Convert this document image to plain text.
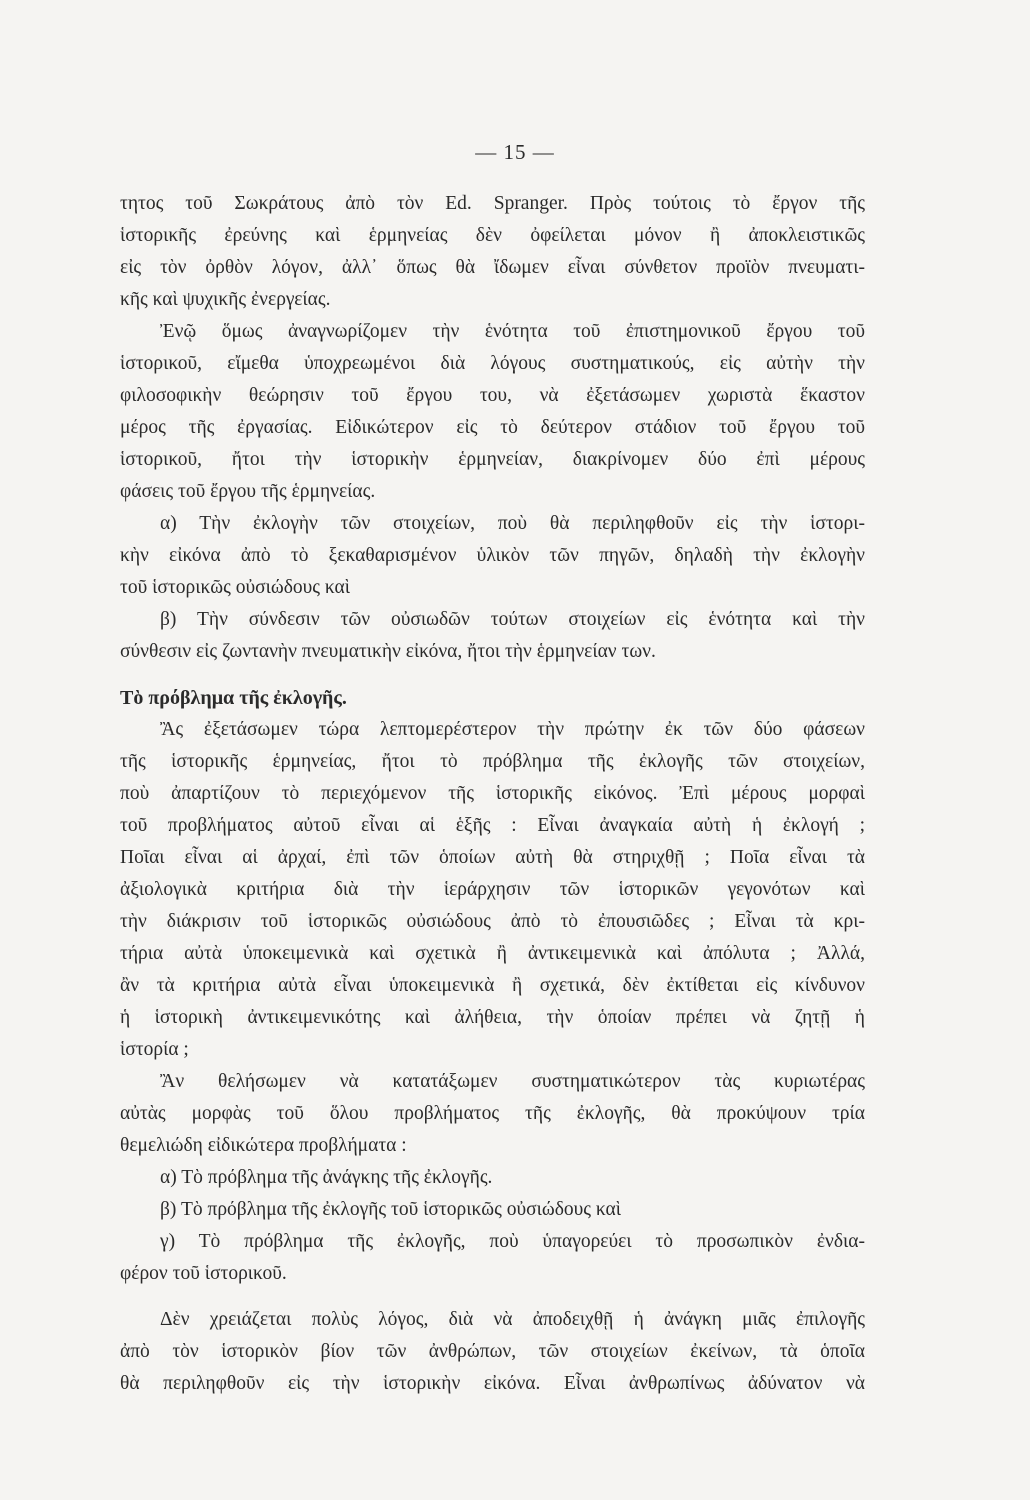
— 15 —
τητος τοῦ Σωκράτους ἀπὸ τὸν Ed. Spranger. Πρὸς τούτοις τὸ ἔργον τῆς
ἱστορικῆς ἐρεύνης καὶ ἑρμηνείας δὲν ὀφείλεται μόνον ἢ ἀποκλειστικῶς
εἰς τὸν ὀρθὸν λόγον, ἀλλ᾽ ὅπως θὰ ἴδωμεν εἶναι σύνθετον προϊὸν πνευματι-
κῆς καὶ ψυχικῆς ἐνεργείας.
Ἐνῷ ὅμως ἀναγνωρίζομεν τὴν ἑνότητα τοῦ ἐπιστημονικοῦ ἔργου τοῦ
ἱστορικοῦ, εἴμεθα ὑποχρεωμένοι διὰ λόγους συστηματικούς, εἰς αὐτὴν τὴν
φιλοσοφικὴν θεώρησιν τοῦ ἔργου του, νὰ ἐξετάσωμεν χωριστὰ ἕκαστον
μέρος τῆς ἐργασίας. Εἰδικώτερον εἰς τὸ δεύτερον στάδιον τοῦ ἔργου τοῦ
ἱστορικοῦ, ἤτοι τὴν ἱστορικὴν ἑρμηνείαν, διακρίνομεν δύο ἐπὶ μέρους
φάσεις τοῦ ἔργου τῆς ἑρμηνείας.
α) Τὴν ἐκλογὴν τῶν στοιχείων, ποὺ θὰ περιληφθοῦν εἰς τὴν ἱστορι-
κὴν εἰκόνα ἀπὸ τὸ ξεκαθαρισμένον ὑλικὸν τῶν πηγῶν, δηλαδὴ τὴν ἐκλογὴν
τοῦ ἱστορικῶς οὐσιώδους καὶ
β) Τὴν σύνδεσιν τῶν οὐσιωδῶν τούτων στοιχείων εἰς ἑνότητα καὶ τὴν
σύνθεσιν εἰς ζωντανὴν πνευματικὴν εἰκόνα, ἤτοι τὴν ἑρμηνείαν των.
Τὸ πρόβλημα τῆς ἐκλογῆς.
Ἂς ἐξετάσωμεν τώρα λεπτομερέστερον τὴν πρώτην ἐκ τῶν δύο φάσεων
τῆς ἱστορικῆς ἑρμηνείας, ἤτοι τὸ πρόβλημα τῆς ἐκλογῆς τῶν στοιχείων,
ποὺ ἀπαρτίζουν τὸ περιεχόμενον τῆς ἱστορικῆς εἰκόνος. Ἐπὶ μέρους μορφαὶ
τοῦ προβλήματος αὐτοῦ εἶναι αἱ ἑξῆς : Εἶναι ἀναγκαία αὐτὴ ἡ ἐκλογή ;
Ποῖαι εἶναι αἱ ἀρχαί, ἐπὶ τῶν ὁποίων αὐτὴ θὰ στηριχθῇ ; Ποῖα εἶναι τὰ
ἀξιολογικὰ κριτήρια διὰ τὴν ἱεράρχησιν τῶν ἱστορικῶν γεγονότων καὶ
τὴν διάκρισιν τοῦ ἱστορικῶς οὐσιώδους ἀπὸ τὸ ἐπουσιῶδες ; Εἶναι τὰ κρι-
τήρια αὐτὰ ὑποκειμενικὰ καὶ σχετικὰ ἢ ἀντικειμενικὰ καὶ ἀπόλυτα ; Ἀλλά,
ἂν τὰ κριτήρια αὐτὰ εἶναι ὑποκειμενικὰ ἢ σχετικά, δὲν ἐκτίθεται εἰς κίνδυνον
ἡ ἱστορικὴ ἀντικειμενικότης καὶ ἀλήθεια, τὴν ὁποίαν πρέπει νὰ ζητῇ ἡ
ἱστορία ;
Ἂν θελήσωμεν νὰ κατατάξωμεν συστηματικώτερον τὰς κυριωτέρας
αὐτὰς μορφὰς τοῦ ὅλου προβλήματος τῆς ἐκλογῆς, θὰ προκύψουν τρία
θεμελιώδη εἰδικώτερα προβλήματα :
α) Τὸ πρόβλημα τῆς ἀνάγκης τῆς ἐκλογῆς.
β) Τὸ πρόβλημα τῆς ἐκλογῆς τοῦ ἱστορικῶς οὐσιώδους καὶ
γ) Τὸ πρόβλημα τῆς ἐκλογῆς, ποὺ ὑπαγορεύει τὸ προσωπικὸν ἐνδια-
φέρον τοῦ ἱστορικοῦ.
Δὲν χρειάζεται πολὺς λόγος, διὰ νὰ ἀποδειχθῇ ἡ ἀνάγκη μιᾶς ἐπιλογῆς
ἀπὸ τὸν ἱστορικὸν βίον τῶν ἀνθρώπων, τῶν στοιχείων ἐκείνων, τὰ ὁποῖα
θὰ περιληφθοῦν εἰς τὴν ἱστορικὴν εἰκόνα. Εἶναι ἀνθρωπίνως ἀδύνατον νὰ
